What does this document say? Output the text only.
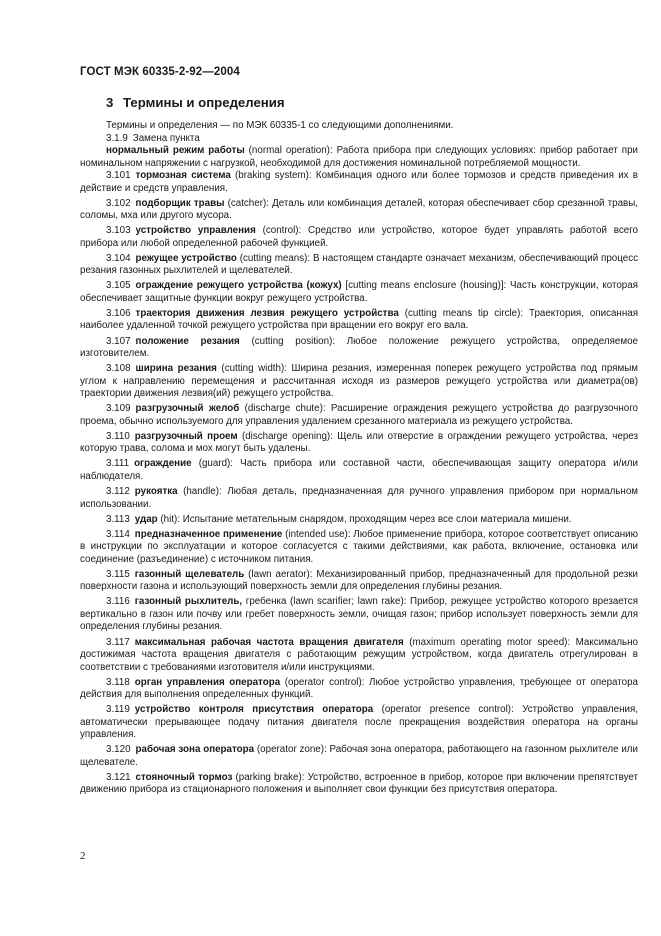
ГОСТ МЭК 60335-2-92—2004
3 Термины и определения

Термины и определения — по МЭК 60335-1 со следующими дополнениями.

3.1.9 Замена пункта

нормальный режим работы (normal operation): Работа прибора при следующих условиях: прибор работает при номинальном напряжении с нагрузкой, необходимой для достижения номинальной потребляемой мощности.

3.101 тормозная система (braking system): Комбинация одного или более тормозов и средств приведения их в действие и средств управления.

3.102 подборщик травы (catcher): Деталь или комбинация деталей, которая обеспечивает сбор срезанной травы, соломы, мха или другого мусора.

3.103 устройство управления (control): Средство или устройство, которое будет управлять работой всего прибора или любой определенной рабочей функцией.

3.104 режущее устройство (cutting means): В настоящем стандарте означает механизм, обеспечивающий процесс резания газонных рыхлителей и щелевателей.

3.105 ограждение режущего устройства (кожух) [cutting means enclosure (housing)]: Часть конструкции, которая обеспечивает защитные функции вокруг режущего устройства.

3.106 траектория движения лезвия режущего устройства (cutting means tip circle): Траектория, описанная наиболее удаленной точкой режущего устройства при вращении его вокруг его вала.

3.107 положение резания (cutting position): Любое положение режущего устройства, определяемое изготовителем.

3.108 ширина резания (cutting width): Ширина резания, измеренная поперек режущего устройства под прямым углом к направлению перемещения и рассчитанная исходя из размеров режущего устройства или диаметра(ов) траектории движения лезвия(ий) режущего устройства.

3.109 разгрузочный желоб (discharge chute): Расширение ограждения режущего устройства до разгрузочного проема, обычно используемого для управления удалением срезанного материала из режущего устройства.

3.110 разгрузочный проем (discharge opening): Щель или отверстие в ограждении режущего устройства, через которую трава, солома и мох могут быть удалены.

3.111 ограждение (guard): Часть прибора или составной части, обеспечивающая защиту оператора и/или наблюдателя.

3.112 рукоятка (handle): Любая деталь, предназначенная для ручного управления прибором при нормальном использовании.

3.113 удар (hit): Испытание метательным снарядом, проходящим через все слои материала мишени.

3.114 предназначенное применение (intended use): Любое применение прибора, которое соответствует описанию в инструкции по эксплуатации и которое согласуется с такими действиями, как работа, включение, остановка или соединение (разъединение) с источником питания.

3.115 газонный щелеватель (lawn aerator): Механизированный прибор, предназначенный для продольной резки поверхности газона и использующий поверхность земли для определения глубины резания.

3.116 газонный рыхлитель, гребенка (lawn scarifier; lawn rake): Прибор, режущее устройство которого врезается вертикально в газон или почву или гребет поверхность земли, очищая газон; прибор использует поверхность земли для определения глубины резания.

3.117 максимальная рабочая частота вращения двигателя (maximum operating motor speed): Максимально достижимая частота вращения двигателя с работающим режущим устройством, когда двигатель отрегулирован в соответствии с требованиями изготовителя и/или инструкциями.

3.118 орган управления оператора (operator control): Любое устройство управления, требующее от оператора действия для выполнения определенных функций.

3.119 устройство контроля присутствия оператора (operator presence control): Устройство управления, автоматически прерывающее подачу питания двигателя после прекращения воздействия оператора на органы управления.

3.120 рабочая зона оператора (operator zone): Рабочая зона оператора, работающего на газонном рыхлителе или щелевателе.

3.121 стояночный тормоз (parking brake): Устройство, встроенное в прибор, которое при включении препятствует движению прибора из стационарного положения и выполняет свои функции без присутствия оператора.

2
